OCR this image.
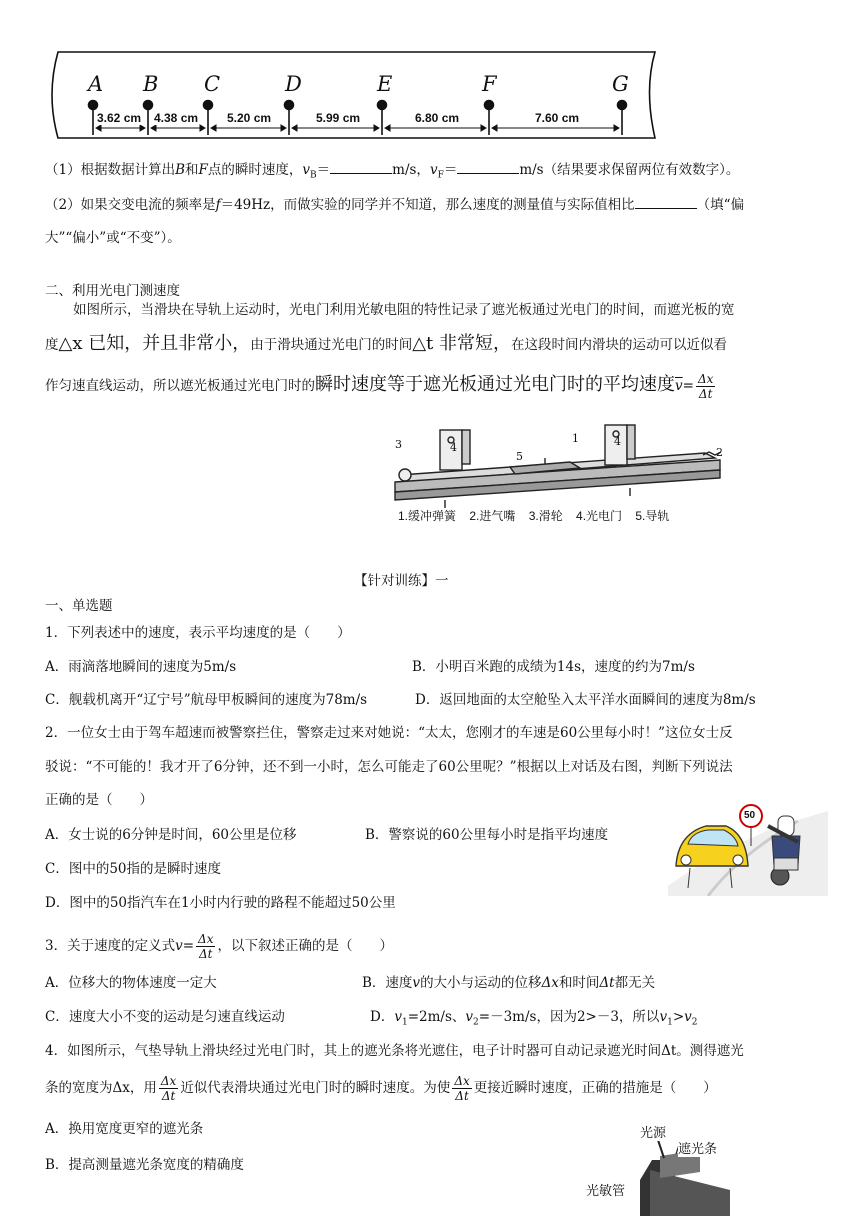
A B C	D	E	F	G
3.62 cm 4.38 cm 5.20 cm	5.99 cm	6.80 cm	7.60 cm
（1）根据数据计算出B和F点的瞬时速度，$v_B=$	m/s，$v_F=$	m/s（结果要求保留两位有效数字）。
（2）如果交变电流的频率是f＝49Hz，而做实验的同学并不知道，那么速度的测量值与实际值相比	（填“偏
大”“偏小”或“不变”）。
二、利用光电门测速度
如图所示，当滑块在导轨上运动时，光电门利用光敏电阻的特性记录了遮光板通过光电门的时间，而遮光板的宽
度△x 已知，并且非常小，由于滑块通过光电门的时间△t 非常短，在这段时间内滑块的运动可以近似看
作匀速直线运动，所以遮光板通过光电门时的瞬时速度等于遮光板通过光电门时的平均速度$\overline{v}= \frac{\Delta x}{\Delta t}$
3	4
5
1	4
2
1.缓冲弹簧    2.进气嘴    3.滑轮    4.光电门    5.导轨
【针对训练】一
一、单选题
1．下列表述中的速度，表示平均速度的是（　　）
A．雨滴落地瞬间的速度为5m/s	B．小明百米跑的成绩为14s，速度的约为7m/s
C．舰载机离开“辽宁号”航母甲板瞬间的速度为78m/s	D．返回地面的太空舱坠入太平洋水面瞬间的速度为8m/s
2．一位女士由于驾车超速而被警察拦住，警察走过来对她说：“太太，您刚才的车速是60公里每小时！”这位女士反
驳说：“不可能的！我才开了6分钟，还不到一小时，怎么可能走了60公里呢？”根据以上对话及右图，判断下列说法
正确的是（　　）
A．女士说的6分钟是时间，60公里是位移	B．警察说的60公里每小时是指平均速度
C．图中的50指的是瞬时速度
D．图中的50指汽车在1小时内行驶的路程不能超过50公里
50
3．关于速度的定义式$v= \frac{\Delta x}{\Delta t}$ ，以下叙述正确的是（　　）
A．位移大的物体速度一定大	B．速度v的大小与运动的位移Δx和时间Δt都无关
C．速度大小不变的运动是匀速直线运动	D．$v_1=2m/s$、$v_2=-3m/s$，因为2>－3，所以$v_1>v_2$
4．如图所示，气垫导轨上滑块经过光电门时，其上的遮光条将光遮住，电子计时器可自动记录遮光时间Δt。测得遮光
条的宽度为Δx，用 $\frac{\Delta x}{\Delta t}$ 近似代表滑块通过光电门时的瞬时速度。为使 $\frac{\Delta x}{\Delta t}$ 更接近瞬时速度，正确的措施是（　　）
A．换用宽度更窄的遮光条
B．提高测量遮光条宽度的精确度
光源
遮光条
光敏管
